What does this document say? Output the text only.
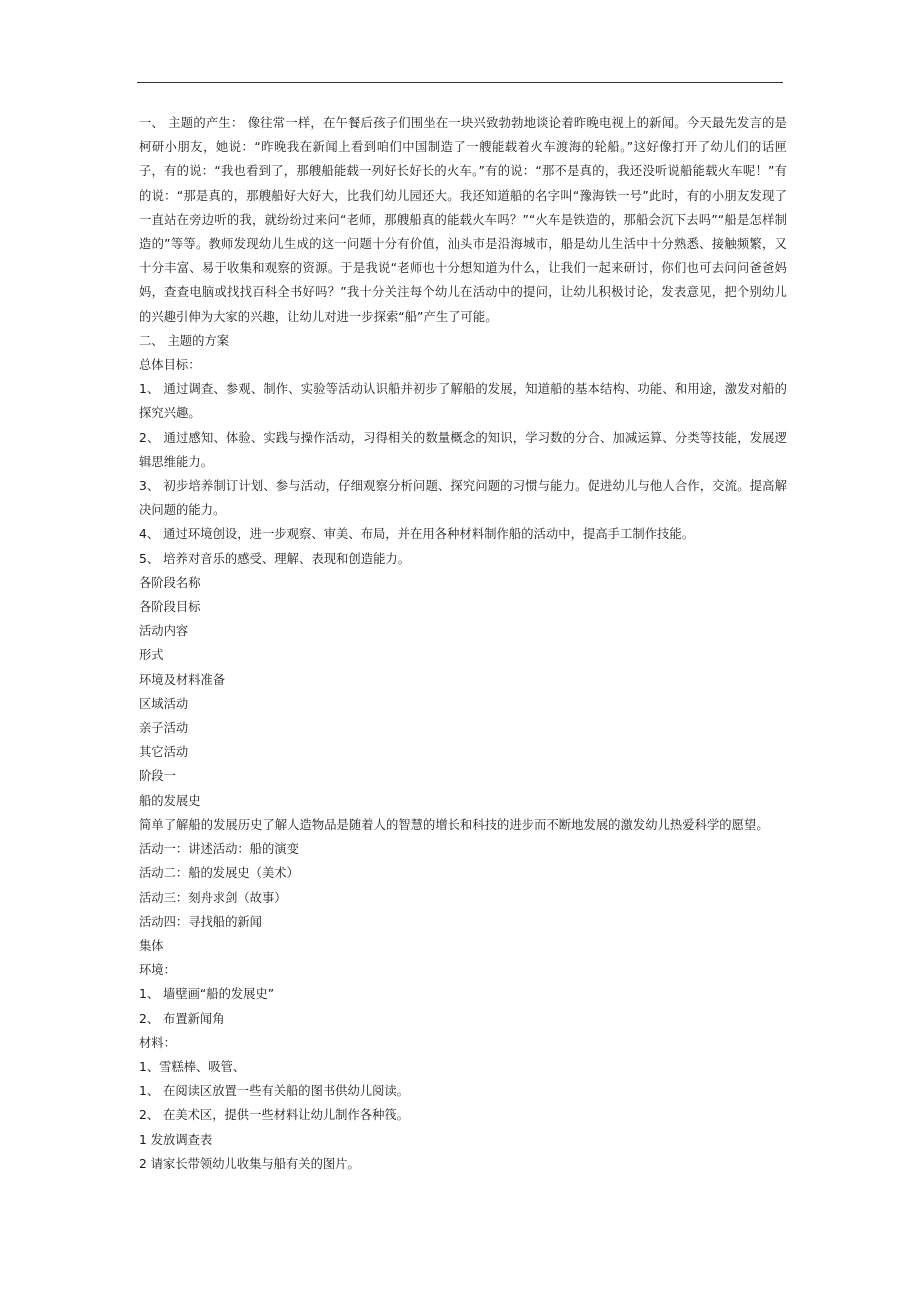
一、 主题的产生： 像往常一样，在午餐后孩子们围坐在一块兴致勃勃地谈论着昨晚电视上的新闻。今天最先发言的是柯研小朋友，她说：“昨晚我在新闻上看到咱们中国制造了一艘能载着火车渡海的轮船。”这好像打开了幼儿们的话匣子，有的说：“我也看到了，那艘船能载一列好长好长的火车。”有的说：“那不是真的，我还没听说船能载火车呢！”有的说：“那是真的，那艘船好大好大，比我们幼儿园还大。我还知道船的名字叫“豫海铁一号”此时，有的小朋友发现了一直站在旁边听的我，就纷纷过来问“老师，那艘船真的能载火车吗？”“火车是铁造的，那船会沉下去吗”“船是怎样制造的”等等。教师发现幼儿生成的这一问题十分有价值，汕头市是沿海城市，船是幼儿生活中十分熟悉、接触频繁，又十分丰富、易于收集和观察的资源。于是我说“老师也十分想知道为什么，让我们一起来研讨，你们也可去问问爸爸妈妈，查查电脑或找找百科全书好吗？”我十分关注每个幼儿在活动中的提问，让幼儿积极讨论，发表意见，把个别幼儿的兴趣引伸为大家的兴趣，让幼儿对进一步探索“船”产生了可能。

二、 主题的方案

总体目标：

1、 通过调查、参观、制作、实验等活动认识船并初步了解船的发展，知道船的基本结构、功能、和用途，激发对船的探究兴趣。

2、 通过感知、体验、实践与操作活动，习得相关的数量概念的知识，学习数的分合、加减运算、分类等技能，发展逻辑思维能力。

3、 初步培养制订计划、参与活动，仔细观察分析问题、探究问题的习惯与能力。促进幼儿与他人合作，交流。提高解决问题的能力。

4、 通过环境创设，进一步观察、审美、布局，并在用各种材料制作船的活动中，提高手工制作技能。

5、 培养对音乐的感受、理解、表现和创造能力。

各阶段名称

各阶段目标

活动内容

形式

环境及材料准备

区域活动

亲子活动

其它活动

阶段一

船的发展史

简单了解船的发展历史了解人造物品是随着人的智慧的增长和科技的进步而不断地发展的激发幼儿热爱科学的愿望。

活动一：讲述活动：船的演变

活动二：船的发展史（美术）

活动三：刻舟求剑（故事）

活动四：寻找船的新闻

集体

环境：

1、 墙壁画“船的发展史”

2、 布置新闻角

材料：

1、雪糕棒、吸管、

1、 在阅读区放置一些有关船的图书供幼儿阅读。

2、 在美术区，提供一些材料让幼儿制作各种筏。

1 发放调查表

2 请家长带领幼儿收集与船有关的图片。
